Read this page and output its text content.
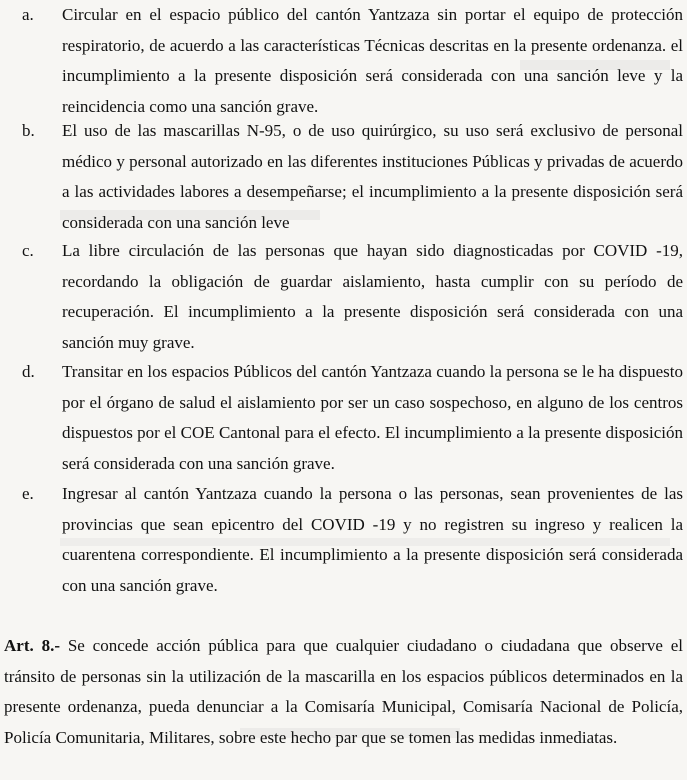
a. Circular en el espacio público del cantón Yantzaza sin portar el equipo de protección respiratorio, de acuerdo a las características Técnicas descritas en la presente ordenanza. el incumplimiento a la presente disposición será considerada con una sanción leve y la reincidencia como una sanción grave.
b. El uso de las mascarillas N-95, o de uso quirúrgico, su uso será exclusivo de personal médico y personal autorizado en las diferentes instituciones Públicas y privadas de acuerdo a las actividades labores a desempeñarse; el incumplimiento a la presente disposición será considerada con una sanción leve
c. La libre circulación de las personas que hayan sido diagnosticadas por COVID -19, recordando la obligación de guardar aislamiento, hasta cumplir con su período de recuperación. El incumplimiento a la presente disposición será considerada con una sanción muy grave.
d. Transitar en los espacios Públicos del cantón Yantzaza cuando la persona se le ha dispuesto por el órgano de salud el aislamiento por ser un caso sospechoso, en alguno de los centros dispuestos por el COE Cantonal para el efecto. El incumplimiento a la presente disposición será considerada con una sanción grave.
e. Ingresar al cantón Yantzaza cuando la persona o las personas, sean provenientes de las provincias que sean epicentro del COVID -19 y no registren su ingreso y realicen la cuarentena correspondiente. El incumplimiento a la presente disposición será considerada con una sanción grave.
Art. 8.- Se concede acción pública para que cualquier ciudadano o ciudadana que observe el tránsito de personas sin la utilización de la mascarilla en los espacios públicos determinados en la presente ordenanza, pueda denunciar a la Comisaría Municipal, Comisaría Nacional de Policía, Policía Comunitaria, Militares, sobre este hecho par que se tomen las medidas inmediatas.
